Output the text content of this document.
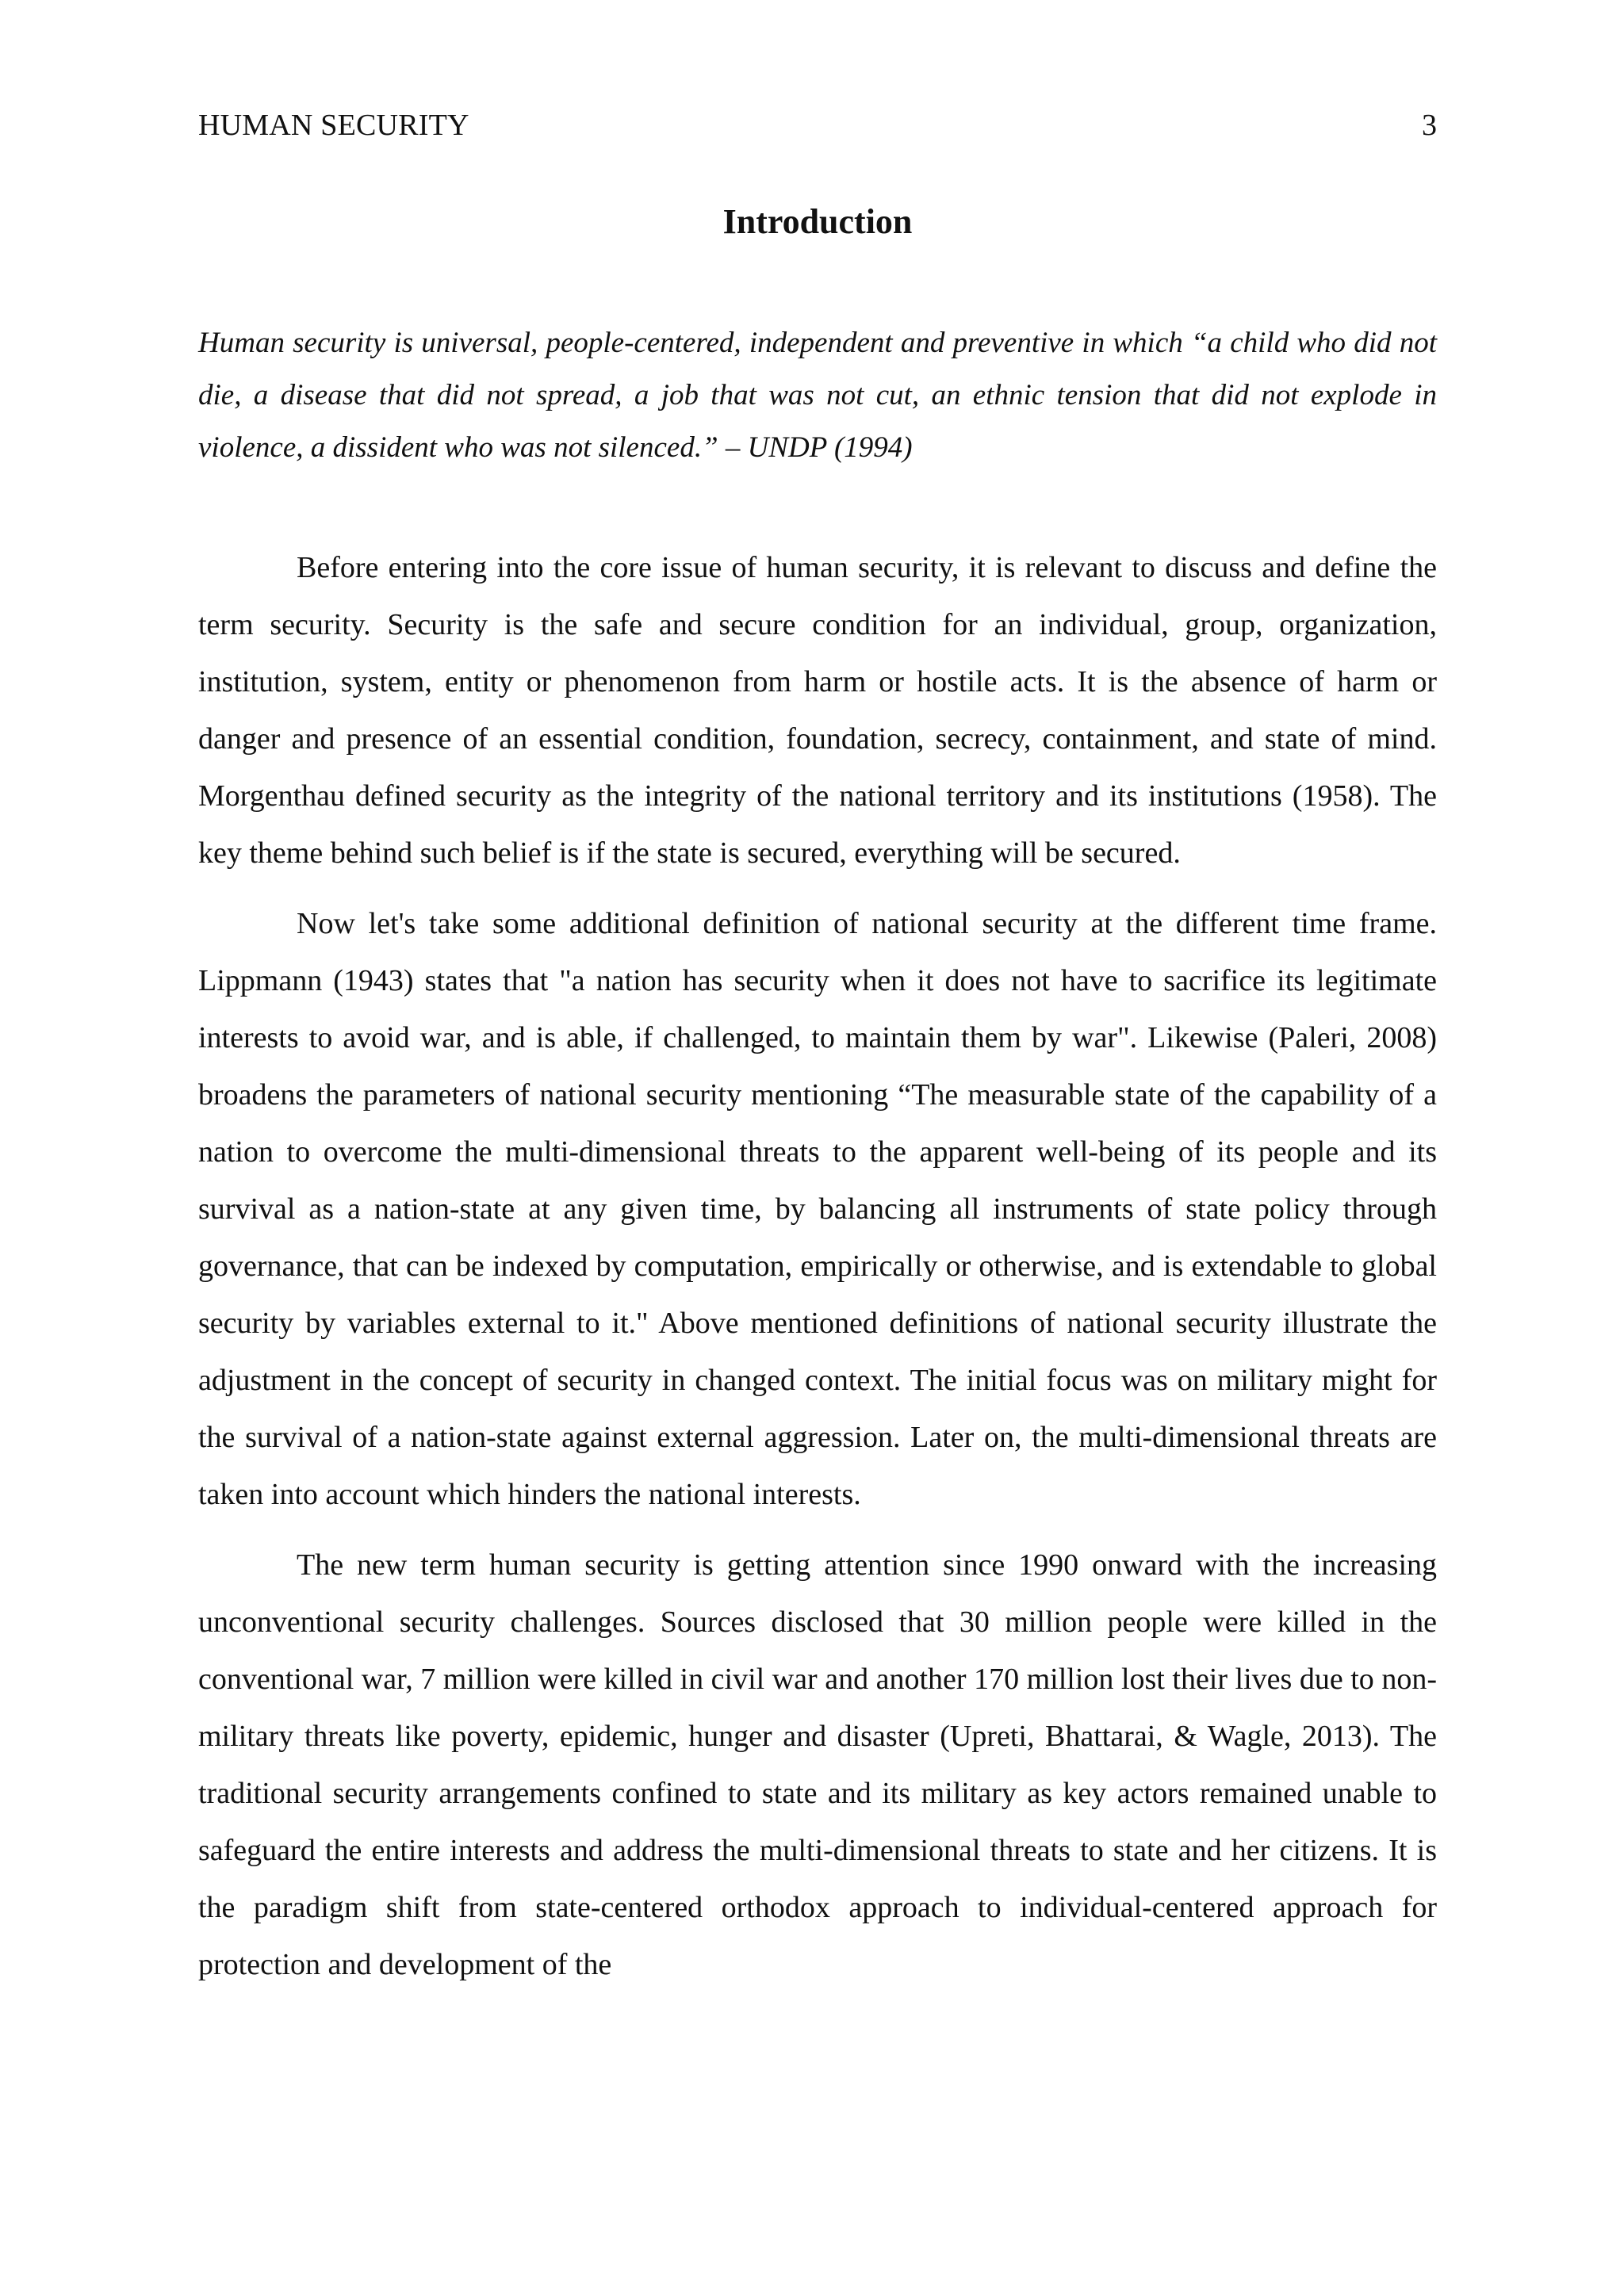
HUMAN SECURITY	3
Introduction

Human security is universal, people-centered, independent and preventive in which “a child who did not die, a disease that did not spread, a job that was not cut, an ethnic tension that did not explode in violence, a dissident who was not silenced.” – UNDP (1994)

Before entering into the core issue of human security, it is relevant to discuss and define the term security. Security is the safe and secure condition for an individual, group, organization, institution, system, entity or phenomenon from harm or hostile acts. It is the absence of harm or danger and presence of an essential condition, foundation, secrecy, containment, and state of mind. Morgenthau defined security as the integrity of the national territory and its institutions (1958). The key theme behind such belief is if the state is secured, everything will be secured.

Now let's take some additional definition of national security at the different time frame. Lippmann (1943) states that "a nation has security when it does not have to sacrifice its legitimate interests to avoid war, and is able, if challenged, to maintain them by war". Likewise (Paleri, 2008) broadens the parameters of national security mentioning “The measurable state of the capability of a nation to overcome the multi-dimensional threats to the apparent well-being of its people and its survival as a nation-state at any given time, by balancing all instruments of state policy through governance, that can be indexed by computation, empirically or otherwise, and is extendable to global security by variables external to it." Above mentioned definitions of national security illustrate the adjustment in the concept of security in changed context. The initial focus was on military might for the survival of a nation-state against external aggression. Later on, the multi-dimensional threats are taken into account which hinders the national interests.

The new term human security is getting attention since 1990 onward with the increasing unconventional security challenges. Sources disclosed that 30 million people were killed in the conventional war, 7 million were killed in civil war and another 170 million lost their lives due to non-military threats like poverty, epidemic, hunger and disaster (Upreti, Bhattarai, & Wagle, 2013). The traditional security arrangements confined to state and its military as key actors remained unable to safeguard the entire interests and address the multi-dimensional threats to state and her citizens. It is the paradigm shift from state-centered orthodox approach to individual-centered approach for protection and development of the
